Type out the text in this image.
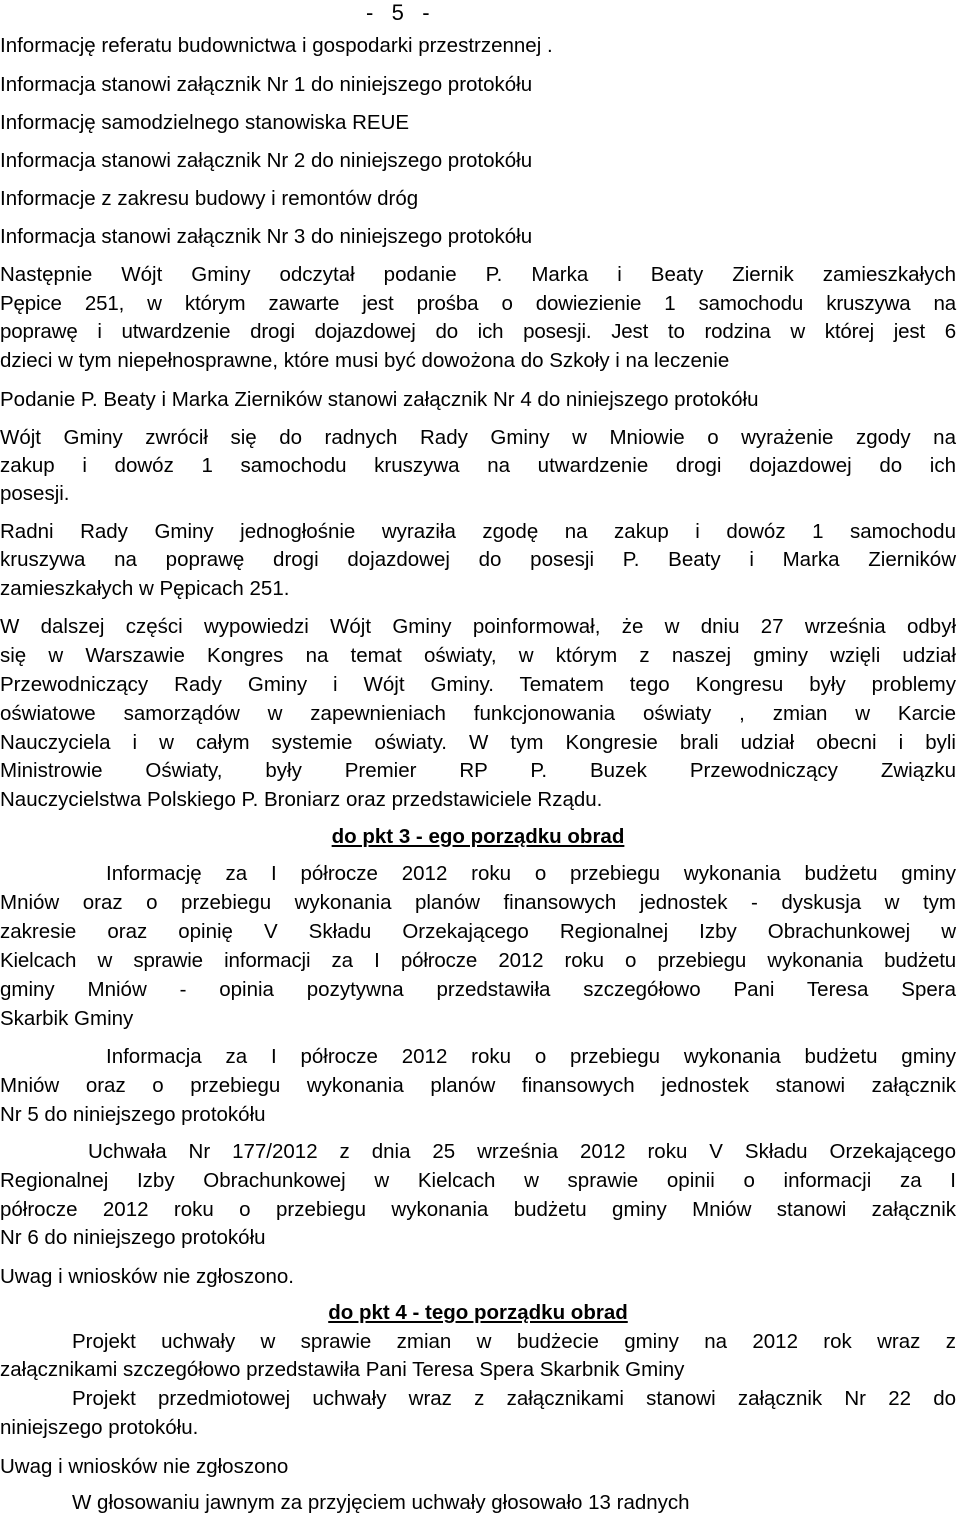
-   5   -
Informację referatu budownictwa i gospodarki przestrzennej .
Informacja stanowi załącznik Nr 1 do niniejszego protokółu
Informację samodzielnego stanowiska REUE
Informacja stanowi załącznik Nr 2 do niniejszego protokółu
Informacje z zakresu budowy i remontów dróg
Informacja stanowi załącznik Nr 3 do niniejszego protokółu
Następnie Wójt Gminy odczytał podanie P. Marka i Beaty Ziernik zamieszkałych
Pępice 251, w którym zawarte jest prośba o dowiezienie 1 samochodu kruszywa na
poprawę i utwardzenie drogi dojazdowej do ich posesji. Jest to rodzina w której jest 6
dzieci w tym niepełnosprawne, które musi być dowożona do Szkoły i na leczenie
Podanie P. Beaty i Marka Zierników stanowi załącznik Nr 4 do niniejszego protokółu
Wójt Gminy zwrócił się do radnych Rady Gminy w Mniowie o wyrażenie zgody na
zakup i dowóz 1 samochodu kruszywa na utwardzenie drogi dojazdowej do ich
posesji.
Radni Rady Gminy jednogłośnie wyraziła zgodę na zakup i dowóz 1 samochodu
kruszywa na poprawę drogi dojazdowej do posesji P. Beaty i Marka Zierników
zamieszkałych w Pępicach 251.
W dalszej części wypowiedzi Wójt Gminy poinformował, że w dniu 27 września odbył
się w Warszawie Kongres na temat oświaty, w którym z naszej gminy wzięli udział
Przewodniczący Rady Gminy i Wójt Gminy. Tematem tego Kongresu były problemy
oświatowe samorządów w zapewnieniach funkcjonowania oświaty , zmian w Karcie
Nauczyciela i w całym systemie oświaty. W tym Kongresie brali udział obecni i byli
Ministrowie Oświaty, były Premier RP P. Buzek Przewodniczący Związku
Nauczycielstwa Polskiego P. Broniarz oraz przedstawiciele Rządu.
do pkt 3 - ego porządku obrad
Informację za I półrocze 2012 roku o przebiegu wykonania budżetu gminy
Mniów oraz o przebiegu wykonania planów finansowych jednostek - dyskusja w tym
zakresie oraz opinię V Składu Orzekającego Regionalnej Izby Obrachunkowej w
Kielcach w sprawie informacji za I półrocze 2012 roku o przebiegu wykonania budżetu
gminy Mniów - opinia pozytywna przedstawiła szczegółowo Pani Teresa Spera
Skarbik Gminy
Informacja za I półrocze 2012 roku o przebiegu wykonania budżetu gminy
Mniów oraz o przebiegu wykonania planów finansowych jednostek stanowi załącznik
Nr 5 do niniejszego protokółu
Uchwała Nr 177/2012 z dnia 25 września 2012 roku V Składu Orzekającego
Regionalnej Izby Obrachunkowej w Kielcach w sprawie opinii o informacji za I
półrocze 2012 roku o przebiegu wykonania budżetu gminy Mniów stanowi załącznik
Nr 6 do niniejszego protokółu
Uwag i wniosków nie zgłoszono.
do pkt 4 - tego porządku obrad
Projekt uchwały w sprawie zmian w budżecie gminy na 2012 rok wraz z
załącznikami szczegółowo przedstawiła Pani Teresa Spera Skarbnik Gminy
Projekt przedmiotowej uchwały wraz z załącznikami stanowi załącznik Nr 22 do
niniejszego protokółu.
Uwag i wniosków nie zgłoszono
W głosowaniu jawnym za przyjęciem uchwały głosowało 13 radnych
